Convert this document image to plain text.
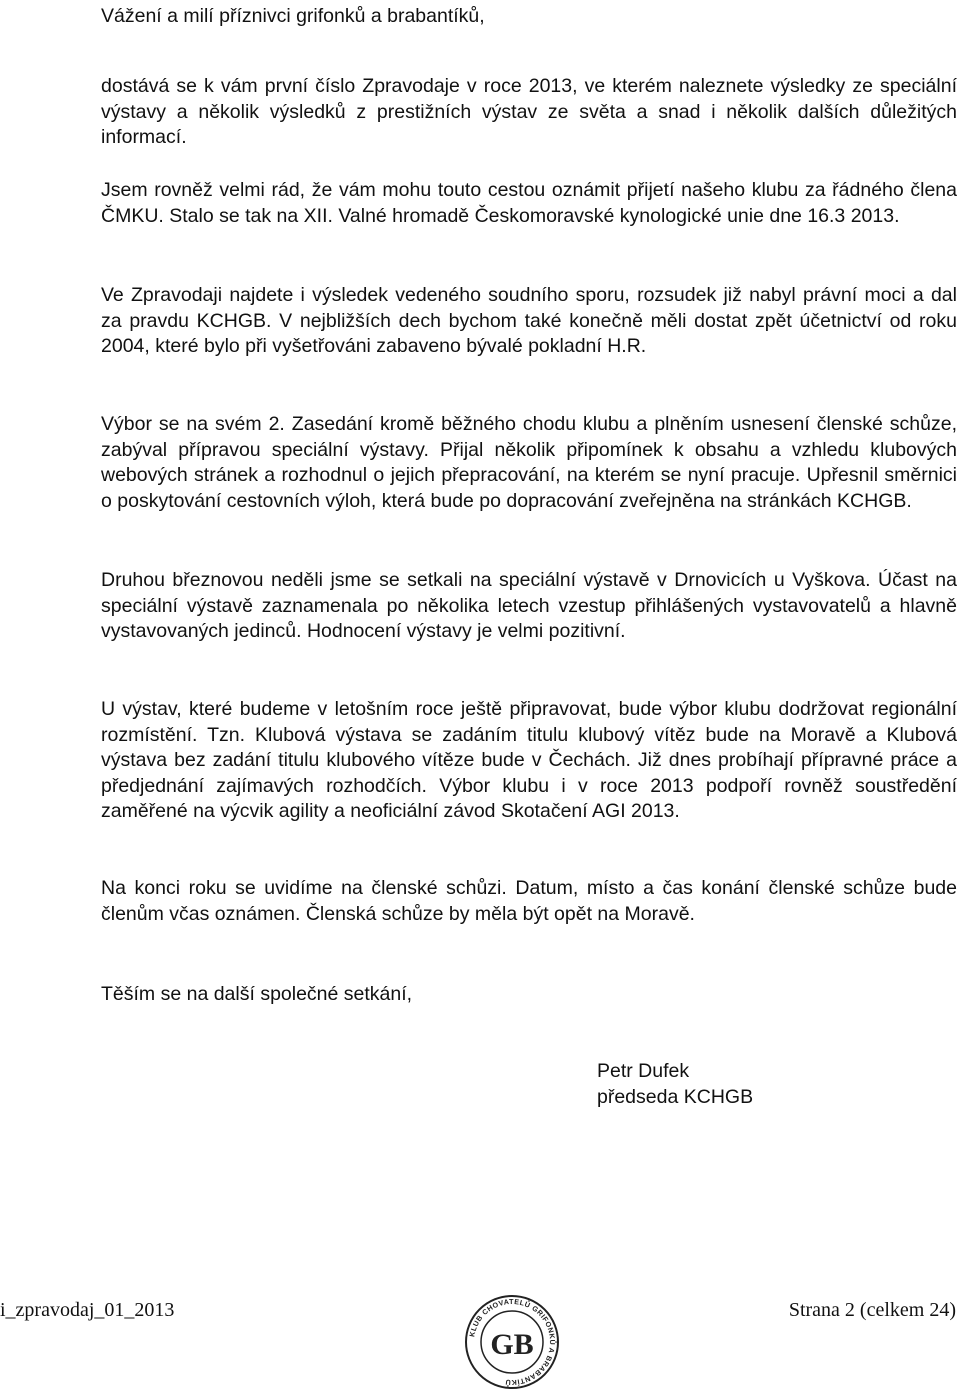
Vážení a milí příznivci grifonků a brabantíků,

dostává se k vám první číslo Zpravodaje v roce 2013, ve kterém naleznete výsledky ze speciální výstavy a několik výsledků z prestižních výstav ze světa a snad i několik dalších důležitých informací.

Jsem rovněž velmi rád, že vám mohu touto cestou oznámit přijetí našeho klubu za řádného člena ČMKU. Stalo se tak na XII. Valné hromadě Českomoravské kynologické unie dne 16.3 2013.

Ve Zpravodaji najdete i výsledek vedeného soudního sporu, rozsudek již nabyl právní moci a dal za pravdu KCHGB. V nejbližších dech bychom také konečně měli dostat zpět účetnictví od roku 2004, které bylo při vyšetřováni zabaveno bývalé pokladní H.R.

Výbor se na svém 2. Zasedání kromě běžného chodu klubu a plněním usnesení členské schůze, zabýval přípravou speciální výstavy. Přijal několik připomínek k obsahu a vzhledu klubových webových stránek a rozhodnul o jejich přepracování, na kterém se nyní pracuje. Upřesnil směrnici o poskytování cestovních výloh, která bude po dopracování zveřejněna na stránkách KCHGB.

Druhou březnovou neděli jsme se setkali na speciální výstavě v Drnovicích u Vyškova. Účast na speciální výstavě zaznamenala po několika letech vzestup přihlášených vystavovatelů a hlavně vystavovaných jedinců. Hodnocení výstavy je velmi pozitivní.

U výstav, které budeme v letošním roce ještě připravovat, bude výbor klubu dodržovat regionální rozmístění. Tzn. Klubová výstava se zadáním titulu klubový vítěz bude na Moravě a Klubová výstava bez zadání titulu klubového vítěze bude v Čechách. Již dnes probíhají přípravné práce a předjednání zajímavých rozhodčích. Výbor klubu i v roce 2013 podpoří rovněž soustředění zaměřené na výcvik agility a neoficiální závod Skotačení AGI 2013.

Na konci roku se uvidíme na členské schůzi. Datum, místo a čas konání členské schůze bude členům včas oznámen. Členská schůze by měla být opět na Moravě.

Těším se na další společné setkání,

Petr Dufek
předseda KCHGB
i_zpravodaj_01_2013
KLUB CHOVATELŮ GRIFONKŮ A BRABANTÍKŮ
GB
Strana 2 (celkem 24)
